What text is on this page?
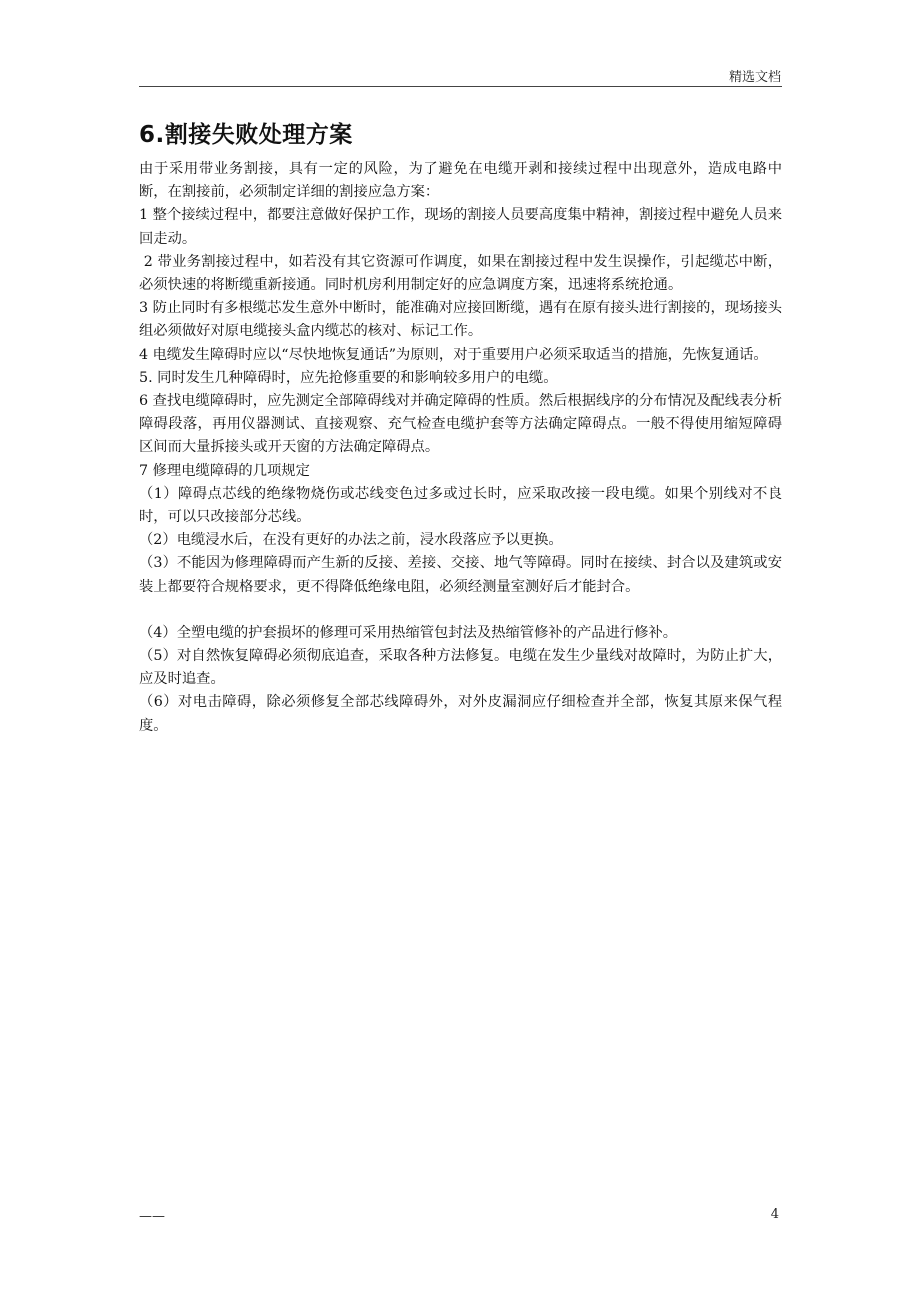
精选文档
6.割接失败处理方案

由于采用带业务割接，具有一定的风险，为了避免在电缆开剥和接续过程中出现意外，造成电路中断，在割接前，必须制定详细的割接应急方案：

1 整个接续过程中，都要注意做好保护工作，现场的割接人员要高度集中精神，割接过程中避免人员来回走动。

2 带业务割接过程中，如若没有其它资源可作调度，如果在割接过程中发生误操作，引起缆芯中断，必须快速的将断缆重新接通。同时机房利用制定好的应急调度方案，迅速将系统抢通。

3 防止同时有多根缆芯发生意外中断时，能准确对应接回断缆，遇有在原有接头进行割接的，现场接头组必须做好对原电缆接头盒内缆芯的核对、标记工作。

4 电缆发生障碍时应以“尽快地恢复通话”为原则，对于重要用户必须采取适当的措施，先恢复通话。

5. 同时发生几种障碍时，应先抢修重要的和影响较多用户的电缆。

6 查找电缆障碍时，应先测定全部障碍线对并确定障碍的性质。然后根据线序的分布情况及配线表分析障碍段落，再用仪器测试、直接观察、充气检查电缆护套等方法确定障碍点。一般不得使用缩短障碍区间而大量拆接头或开天窗的方法确定障碍点。

7 修理电缆障碍的几项规定

（1）障碍点芯线的绝缘物烧伤或芯线变色过多或过长时，应采取改接一段电缆。如果个别线对不良时，可以只改接部分芯线。

（2）电缆浸水后，在没有更好的办法之前，浸水段落应予以更换。

（3）不能因为修理障碍而产生新的反接、差接、交接、地气等障碍。同时在接续、封合以及建筑或安装上都要符合规格要求，更不得降低绝缘电阻，必须经测量室测好后才能封合。

（4）全塑电缆的护套损坏的修理可采用热缩管包封法及热缩管修补的产品进行修补。

（5）对自然恢复障碍必须彻底追查，采取各种方法修复。电缆在发生少量线对故障时，为防止扩大，应及时追查。

（6）对电击障碍，除必须修复全部芯线障碍外，对外皮漏洞应仔细检查并全部，恢复其原来保气程度。

——	4
